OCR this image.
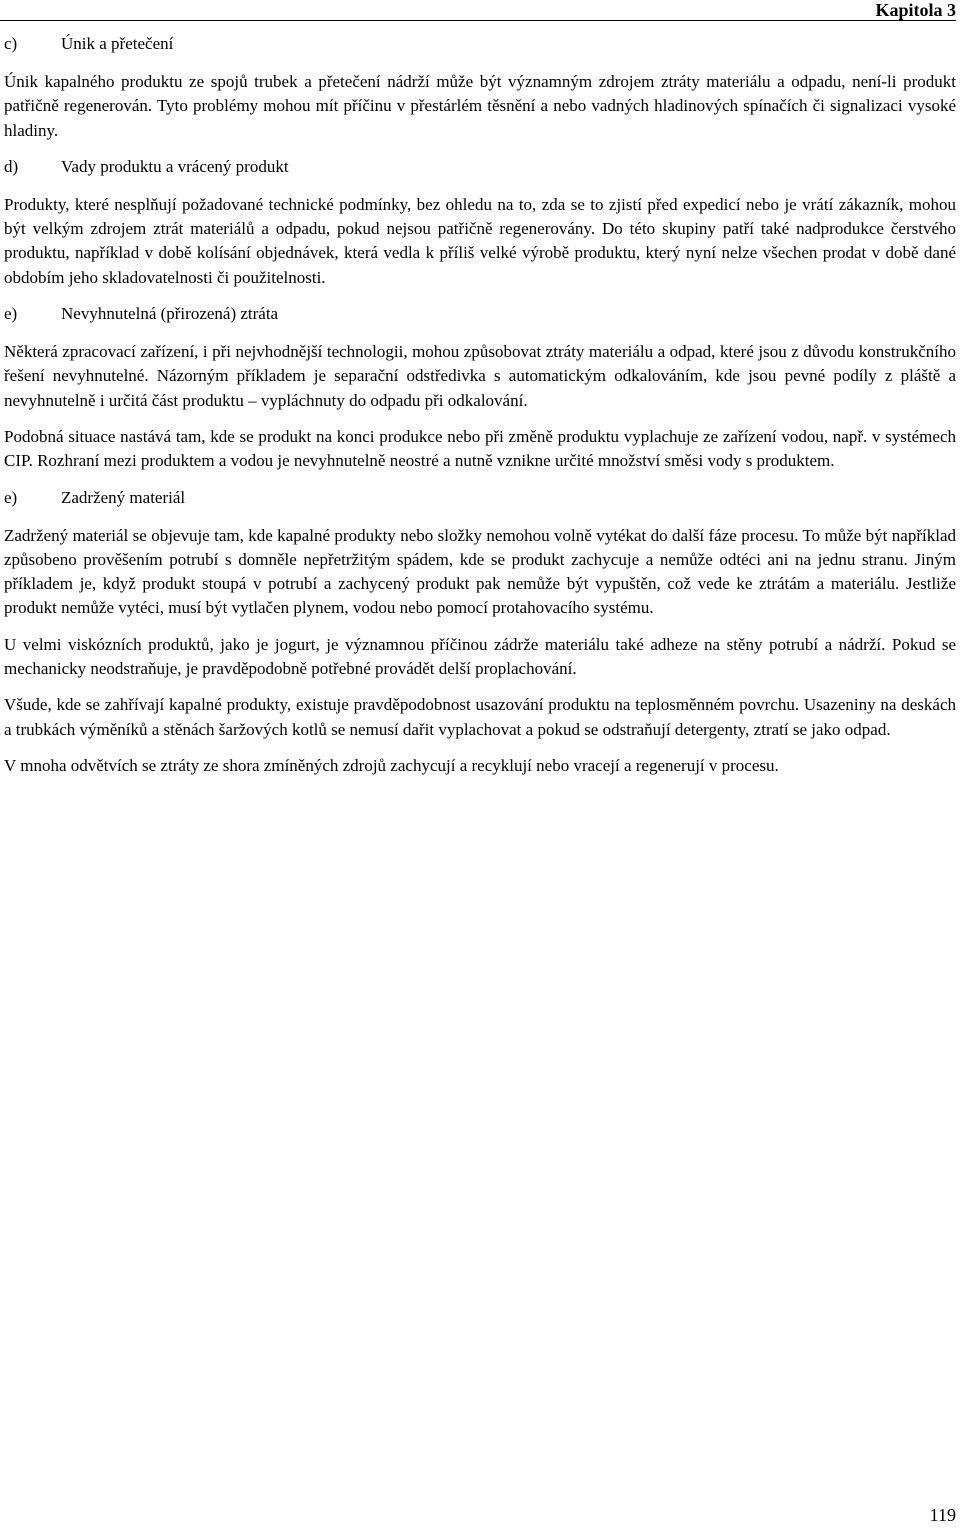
Kapitola 3
c)	Únik a přetečení

Únik kapalného produktu ze spojů trubek a přetečení nádrží může být významným zdrojem ztráty materiálu a odpadu, není-li produkt patřičně regenerován. Tyto problémy mohou mít příčinu v přestárlém těsnění a nebo vadných hladinových spínačích či signalizaci vysoké hladiny.

d)	Vady produktu a vrácený produkt

Produkty, které nesplňují požadované technické podmínky, bez ohledu na to, zda se to zjistí před expedicí nebo je vrátí zákazník, mohou být velkým zdrojem ztrát materiálů a odpadu, pokud nejsou patřičně regenerovány. Do této skupiny patří také nadprodukce čerstvého produktu, například v době kolísání objednávek, která vedla k příliš velké výrobě produktu, který nyní nelze všechen prodat v době dané obdobím jeho skladovatelnosti či použitelnosti.

e)	Nevyhnutelná (přirozená) ztráta

Některá zpracovací zařízení, i při nejvhodnější technologii, mohou způsobovat ztráty materiálu a odpad, které jsou z důvodu konstrukčního řešení nevyhnutelné. Názorným příkladem je separační odstředivka s automatickým odkalováním, kde jsou pevné podíly z pláště a nevyhnutelně i určitá část produktu – vypláchnuty do odpadu při odkalování.

Podobná situace nastává tam, kde se produkt na konci produkce nebo při změně produktu vyplachuje ze zařízení vodou, např. v systémech CIP. Rozhraní mezi produktem a vodou je nevyhnutelně neostré a nutně vznikne určité množství směsi vody s produktem.

e)	Zadržený materiál

Zadržený materiál se objevuje tam, kde kapalné produkty nebo složky nemohou volně vytékat do další fáze procesu. To může být například způsobeno prověšením potrubí s domněle nepřetržitým spádem, kde se produkt zachycuje a nemůže odtéci ani na jednu stranu. Jiným příkladem je, když produkt stoupá v potrubí a zachycený produkt pak nemůže být vypuštěn, což vede ke ztrátám a materiálu. Jestliže produkt nemůže vytéci, musí být vytlačen plynem, vodou nebo pomocí protahovacího systému.

U velmi viskózních produktů, jako je jogurt, je významnou příčinou zádrže materiálu také adheze na stěny potrubí a nádrží. Pokud se mechanicky neodstraňuje, je pravděpodobně potřebné provádět delší proplachování.

Všude, kde se zahřívají kapalné produkty, existuje pravděpodobnost usazování produktu na teplosměnném povrchu. Usazeniny na deskách a trubkách výměníků a stěnách šaržových kotlů se nemusí dařit vyplachovat a pokud se odstraňují detergenty, ztratí se jako odpad.

V mnoha odvětvích se ztráty ze shora zmíněných zdrojů zachycují a recyklují nebo vracejí a regenerují v procesu.

119
